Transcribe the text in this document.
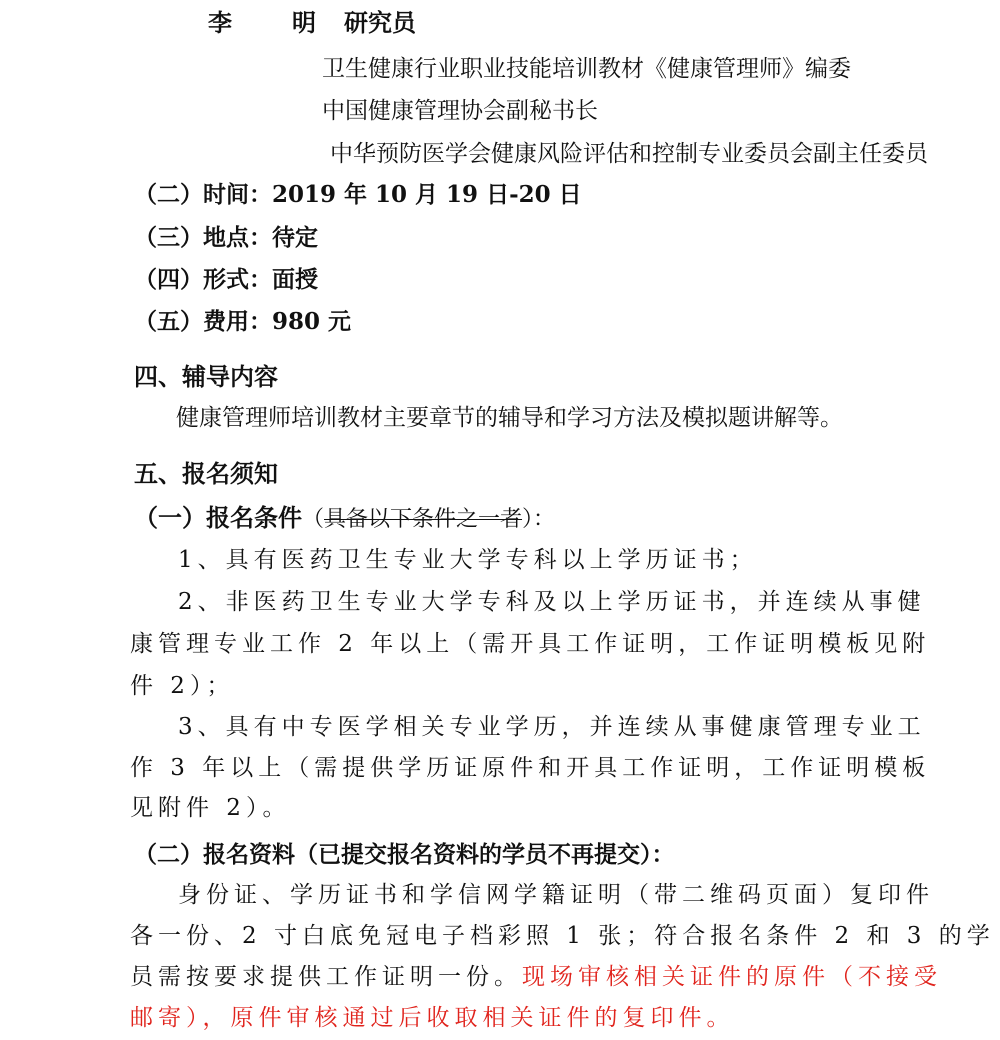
李	明 研究员
卫生健康行业职业技能培训教材《健康管理师》编委
中国健康管理协会副秘书长
中华预防医学会健康风险评估和控制专业委员会副主任委员
（二）时间：2019 年 10 月 19 日-20 日
（三）地点：待定
（四）形式：面授
（五）费用：980 元
四、辅导内容
健康管理师培训教材主要章节的辅导和学习方法及模拟题讲解等。
五、报名须知
（一）报名条件（具备以下条件之一者）：
1、具有医药卫生专业大学专科以上学历证书；
2、非医药卫生专业大学专科及以上学历证书，并连续从事健
康管理专业工作 2 年以上（需开具工作证明，工作证明模板见附
件 2）；
3、具有中专医学相关专业学历，并连续从事健康管理专业工
作 3 年以上（需提供学历证原件和开具工作证明，工作证明模板
见附件 2）。
（二）报名资料（已提交报名资料的学员不再提交）：
身份证、学历证书和学信网学籍证明（带二维码页面）复印件
各一份、2 寸白底免冠电子档彩照 1 张；符合报名条件 2 和 3 的学
员需按要求提供工作证明一份。现场审核相关证件的原件（不接受
邮寄），原件审核通过后收取相关证件的复印件。
